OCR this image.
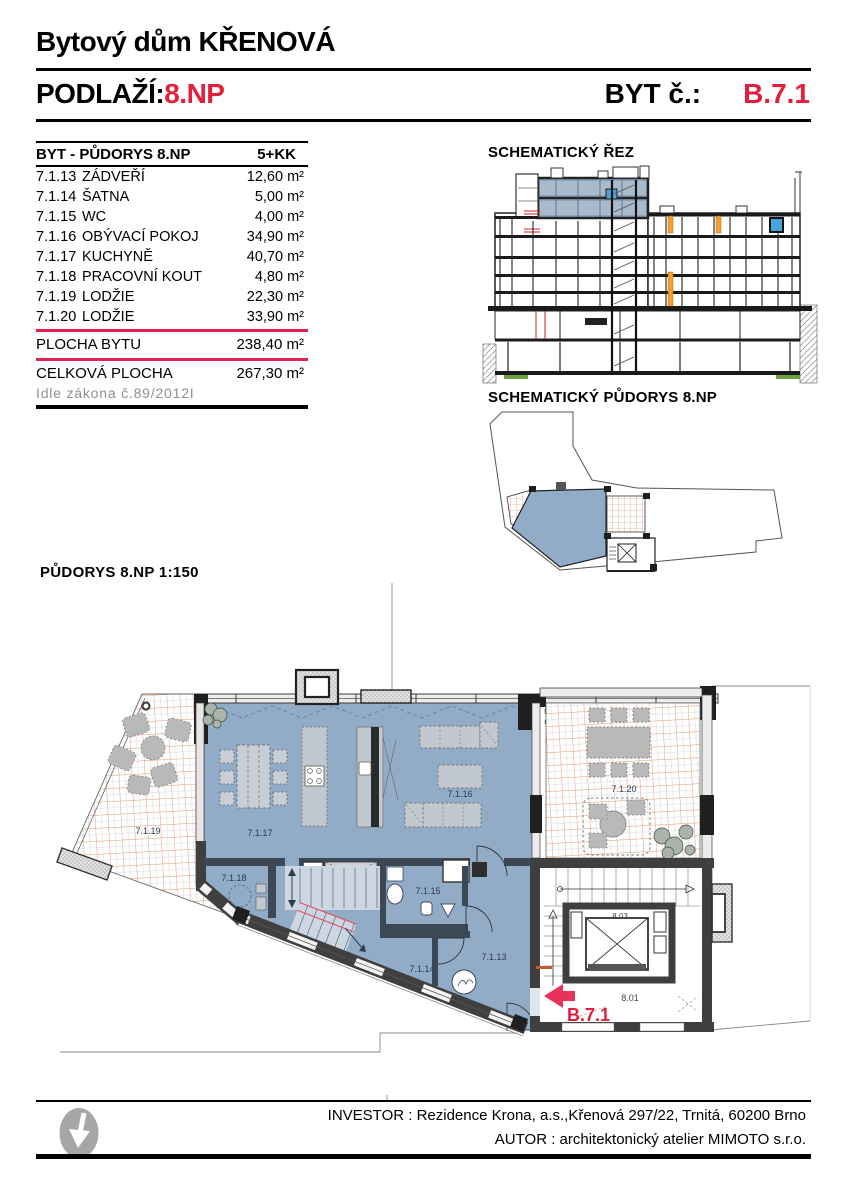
Bytový dům KŘENOVÁ
PODLAŽÍ:8.NP	BYT č.: B.7.1
BYT - PŮDORYS 8.NP	5+KK
7.1.13 ZÁDVEŘÍ	12,60 m²
7.1.14 ŠATNA	5,00 m²
7.1.15 WC	4,00 m²
7.1.16 OBÝVACÍ POKOJ	34,90 m²
7.1.17 KUCHYNĚ	40,70 m²
7.1.18 PRACOVNÍ KOUT	4,80 m²
7.1.19 LODŽIE	22,30 m²
7.1.20 LODŽIE	33,90 m²
PLOCHA BYTU	238,40 m²
CELKOVÁ PLOCHA	267,30 m²
Idle zákona č.89/2012I
SCHEMATICKÝ ŘEZ
SCHEMATICKÝ PŮDORYS 8.NP
PŮDORYS 8.NP 1:150
B.7.1
7.1.19	7.1.17
7.1.16	7.1.20
7.1.18
7.1.15
7.1.14
7.1.13
8.03
8.01
INVESTOR : Rezidence Krona, a.s.,Křenová 297/22, Trnitá, 60200 Brno
AUTOR : architektonický atelier MIMOTO s.r.o.
